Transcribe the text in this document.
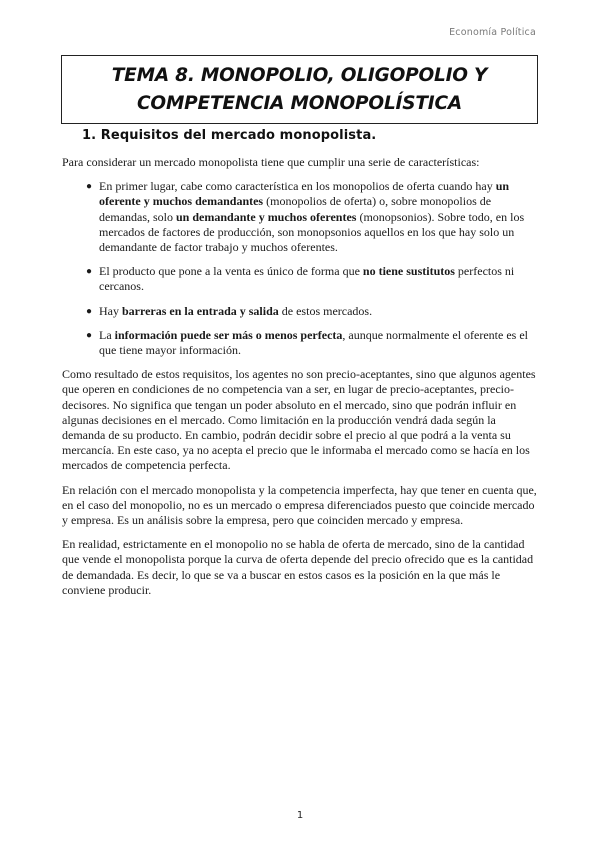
Economía Política
TEMA 8. MONOPOLIO, OLIGOPOLIO Y
COMPETENCIA MONOPOLÍSTICA
1. Requisitos del mercado monopolista.

Para considerar un mercado monopolista tiene que cumplir una serie de características:

● En primer lugar, cabe como característica en los monopolios de oferta cuando hay un oferente y muchos demandantes (monopolios de oferta) o, sobre monopolios de demandas, solo un demandante y muchos oferentes (monopsonios). Sobre todo, en los mercados de factores de producción, son monopsonios aquellos en los que hay solo un demandante de factor trabajo y muchos oferentes.
● El producto que pone a la venta es único de forma que no tiene sustitutos perfectos ni cercanos.
● Hay barreras en la entrada y salida de estos mercados.
● La información puede ser más o menos perfecta, aunque normalmente el oferente es el que tiene mayor información.

Como resultado de estos requisitos, los agentes no son precio-aceptantes, sino que algunos agentes que operen en condiciones de no competencia van a ser, en lugar de precio-aceptantes, precio-decisores. No significa que tengan un poder absoluto en el mercado, sino que podrán influir en algunas decisiones en el mercado. Como limitación en la producción vendrá dada según la demanda de su producto. En cambio, podrán decidir sobre el precio al que podrá a la venta su mercancía. En este caso, ya no acepta el precio que le informaba el mercado como se hacía en los mercados de competencia perfecta.

En relación con el mercado monopolista y la competencia imperfecta, hay que tener en cuenta que, en el caso del monopolio, no es un mercado o empresa diferenciados puesto que coincide mercado y empresa. Es un análisis sobre la empresa, pero que coinciden mercado y empresa.

En realidad, estrictamente en el monopolio no se habla de oferta de mercado, sino de la cantidad que vende el monopolista porque la curva de oferta depende del precio ofrecido que es la cantidad de demandada. Es decir, lo que se va a buscar en estos casos es la posición en la que más le conviene producir.

1
